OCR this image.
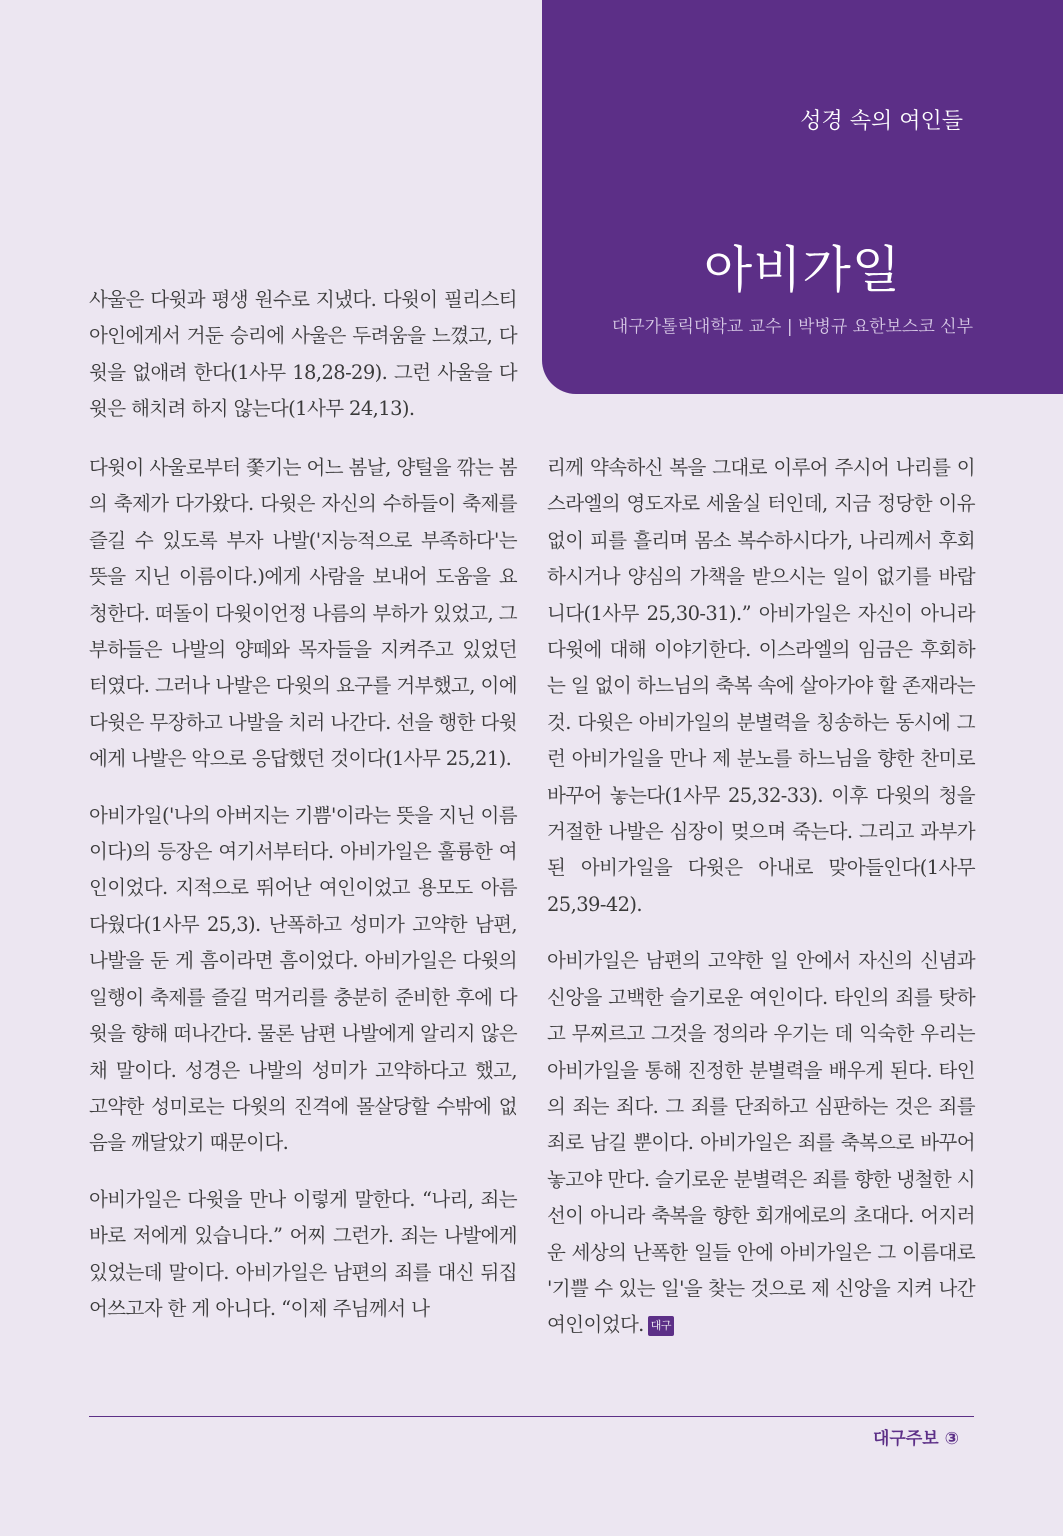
성경 속의 여인들
아비가일
대구가톨릭대학교 교수 | 박병규 요한보스코 신부

사울은 다윗과 평생 원수로 지냈다. 다윗이 필리스티아인에게서 거둔 승리에 사울은 두려움을 느꼈고, 다윗을 없애려 한다(1사무 18,28-29). 그런 사울을 다윗은 해치려 하지 않는다(1사무 24,13).

다윗이 사울로부터 쫓기는 어느 봄날, 양털을 깎는 봄의 축제가 다가왔다. 다윗은 자신의 수하들이 축제를 즐길 수 있도록 부자 나발('지능적으로 부족하다'는 뜻을 지닌 이름이다.)에게 사람을 보내어 도움을 요청한다. 떠돌이 다윗이언정 나름의 부하가 있었고, 그 부하들은 나발의 양떼와 목자들을 지켜주고 있었던 터였다. 그러나 나발은 다윗의 요구를 거부했고, 이에 다윗은 무장하고 나발을 치러 나간다. 선을 행한 다윗에게 나발은 악으로 응답했던 것이다(1사무 25,21).

아비가일('나의 아버지는 기쁨'이라는 뜻을 지닌 이름이다)의 등장은 여기서부터다. 아비가일은 훌륭한 여인이었다. 지적으로 뛰어난 여인이었고 용모도 아름다웠다(1사무 25,3). 난폭하고 성미가 고약한 남편, 나발을 둔 게 흠이라면 흠이었다. 아비가일은 다윗의 일행이 축제를 즐길 먹거리를 충분히 준비한 후에 다윗을 향해 떠나간다. 물론 남편 나발에게 알리지 않은 채 말이다. 성경은 나발의 성미가 고약하다고 했고, 고약한 성미로는 다윗의 진격에 몰살당할 수밖에 없음을 깨달았기 때문이다.

아비가일은 다윗을 만나 이렇게 말한다. “나리, 죄는 바로 저에게 있습니다.” 어찌 그런가. 죄는 나발에게 있었는데 말이다. 아비가일은 남편의 죄를 대신 뒤집어쓰고자 한 게 아니다. “이제 주님께서 나

리께 약속하신 복을 그대로 이루어 주시어 나리를 이스라엘의 영도자로 세울실 터인데, 지금 정당한 이유 없이 피를 흘리며 몸소 복수하시다가, 나리께서 후회하시거나 양심의 가책을 받으시는 일이 없기를 바랍니다(1사무 25,30-31).” 아비가일은 자신이 아니라 다윗에 대해 이야기한다. 이스라엘의 임금은 후회하는 일 없이 하느님의 축복 속에 살아가야 할 존재라는 것. 다윗은 아비가일의 분별력을 칭송하는 동시에 그런 아비가일을 만나 제 분노를 하느님을 향한 찬미로 바꾸어 놓는다(1사무 25,32-33). 이후 다윗의 청을 거절한 나발은 심장이 멎으며 죽는다. 그리고 과부가 된 아비가일을 다윗은 아내로 맞아들인다(1사무 25,39-42).

아비가일은 남편의 고약한 일 안에서 자신의 신념과 신앙을 고백한 슬기로운 여인이다. 타인의 죄를 탓하고 무찌르고 그것을 정의라 우기는 데 익숙한 우리는 아비가일을 통해 진정한 분별력을 배우게 된다. 타인의 죄는 죄다. 그 죄를 단죄하고 심판하는 것은 죄를 죄로 남길 뿐이다. 아비가일은 죄를 축복으로 바꾸어놓고야 만다. 슬기로운 분별력은 죄를 향한 냉철한 시선이 아니라 축복을 향한 회개에로의 초대다. 어지러운 세상의 난폭한 일들 안에 아비가일은 그 이름대로 '기쁠 수 있는 일'을 찾는 것으로 제 신앙을 지켜 나간 여인이었다. 대구

대구주보 ③
